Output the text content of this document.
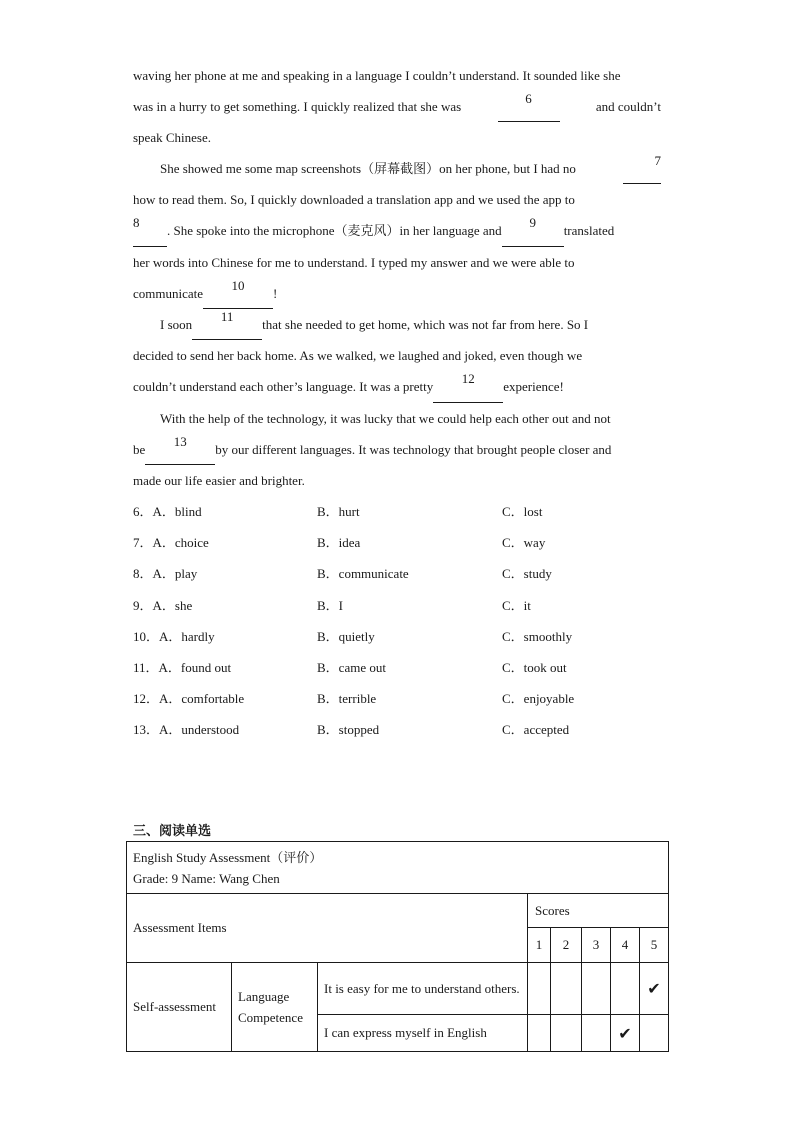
waving her phone at me and speaking in a language I couldn’t understand. It sounded like she
was in a hurry to get something. I quickly realized that she was
6
and couldn’t
speak Chinese.
She showed me some map screenshots（屏幕截图）on her phone, but I had no
7
how to read them. So, I quickly downloaded a translation app and we used the app to
8
. She spoke into the microphone（麦克风）in her language and
9
translated
her words into Chinese for me to understand. I typed my answer and we were able to
communicate
10
!
I soon
11
that she needed to get home, which was not far from here. So I
decided to send her back home. As we walked, we laughed and joked, even though we
couldn’t understand each other’s language. It was a pretty
12
experience!
With the help of the technology, it was lucky that we could help each other out and not
be
13
by our different languages. It was technology that brought people closer and
made our life easier and brighter.
6．A．blind	B．hurt	C．lost
7．A．choice	B．idea	C．way
8．A．play	B．communicate	C．study
9．A．she	B．I	C．it
10．A．hardly	B．quietly	C．smoothly
11．A．found out	B．came out	C．took out
12．A．comfortable	B．terrible	C．enjoyable
13．A．understood	B．stopped	C．accepted
三、阅读单选
English Study Assessment（评价）
Grade: 9 Name: Wang Chen							

Assessment Items			Scores				
			1	2	3	4	5
Self-assessment	Language Competence	It is easy for me to understand others.					✔
		I can express myself in English				✔	
